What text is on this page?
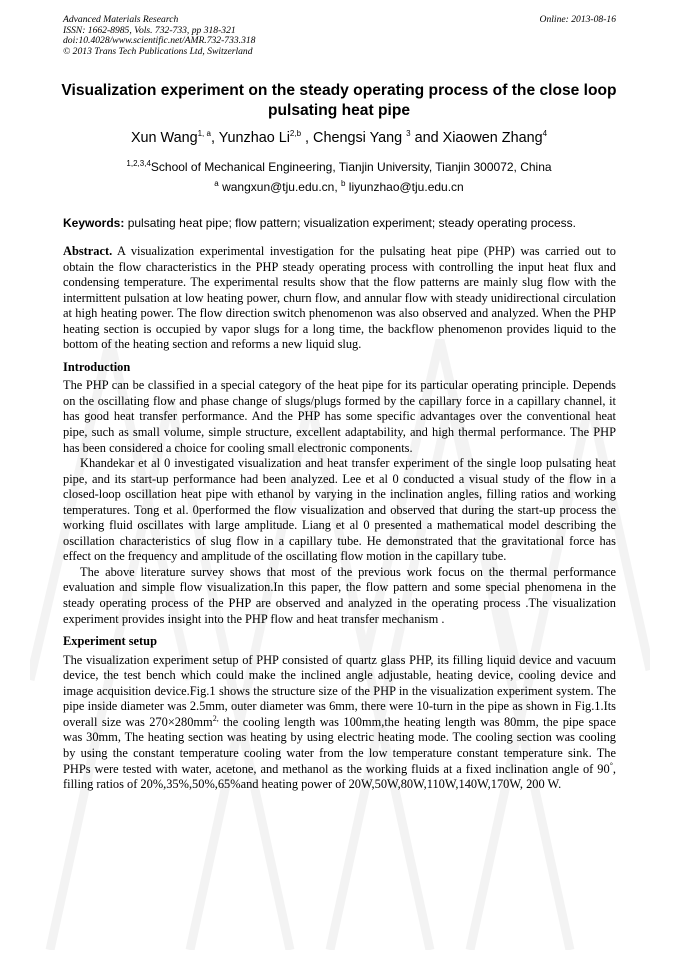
Advanced Materials Research
ISSN: 1662-8985, Vols. 732-733, pp 318-321
doi:10.4028/www.scientific.net/AMR.732-733.318
© 2013 Trans Tech Publications Ltd, Switzerland
Online: 2013-08-16
Visualization experiment on the steady operating process of the close loop pulsating heat pipe
Xun Wang$^{1, a}$, Yunzhao Li$^{2,b}$ , Chengsi Yang $^3$ and Xiaowen Zhang$^4$
$^{1,2,3,4}$School of Mechanical Engineering, Tianjin University, Tianjin 300072, China
$^a$ wangxun@tju.edu.cn, $^b$ liyunzhao@tju.edu.cn
Keywords: pulsating heat pipe; flow pattern; visualization experiment; steady operating process.

Abstract. A visualization experimental investigation for the pulsating heat pipe (PHP) was carried out to obtain the flow characteristics in the PHP steady operating process with controlling the input heat flux and condensing temperature. The experimental results show that the flow patterns are mainly slug flow with the intermittent pulsation at low heating power, churn flow, and annular flow with steady unidirectional circulation at high heating power. The flow direction switch phenomenon was also observed and analyzed. When the PHP heating section is occupied by vapor slugs for a long time, the backflow phenomenon provides liquid to the bottom of the heating section and reforms a new liquid slug.

Introduction

The PHP can be classified in a special category of the heat pipe for its particular operating principle. Depends on the oscillating flow and phase change of slugs/plugs formed by the capillary force in a capillary channel, it has good heat transfer performance. And the PHP has some specific advantages over the conventional heat pipe, such as small volume, simple structure, excellent adaptability, and high thermal performance. The PHP has been considered a choice for cooling small electronic components.

Khandekar et al 0 investigated visualization and heat transfer experiment of the single loop pulsating heat pipe, and its start-up performance had been analyzed. Lee et al 0 conducted a visual study of the flow in a closed-loop oscillation heat pipe with ethanol by varying in the inclination angles, filling ratios and working temperatures. Tong et al. 0performed the flow visualization and observed that during the start-up process the working fluid oscillates with large amplitude. Liang et al 0 presented a mathematical model describing the oscillation characteristics of slug flow in a capillary tube. He demonstrated that the gravitational force has effect on the frequency and amplitude of the oscillating flow motion in the capillary tube.

The above literature survey shows that most of the previous work focus on the thermal performance evaluation and simple flow visualization.In this paper, the flow pattern and some special phenomena in the steady operating process of the PHP are observed and analyzed in the operating process .The visualization experiment provides insight into the PHP flow and heat transfer mechanism .

Experiment setup

The visualization experiment setup of PHP consisted of quartz glass PHP, its filling liquid device and vacuum device, the test bench which could make the inclined angle adjustable, heating device, cooling device and image acquisition device.Fig.1 shows the structure size of the PHP in the visualization experiment system. The pipe inside diameter was 2.5mm, outer diameter was 6mm, there were 10-turn in the pipe as shown in Fig.1.Its overall size was $270\times 280mm^{2,}$ the cooling length was 100mm,the heating length was 80mm, the pipe space was 30mm, The heating section was heating by using electric heating mode. The cooling section was cooling by using the constant temperature cooling water from the low temperature constant temperature sink. The PHPs were tested with water, acetone, and methanol as the working fluids at a fixed inclination angle of 90°, filling ratios of 20%,35%,50%,65%and heating power of 20W,50W,80W,110W,140W,170W, 200 W.
